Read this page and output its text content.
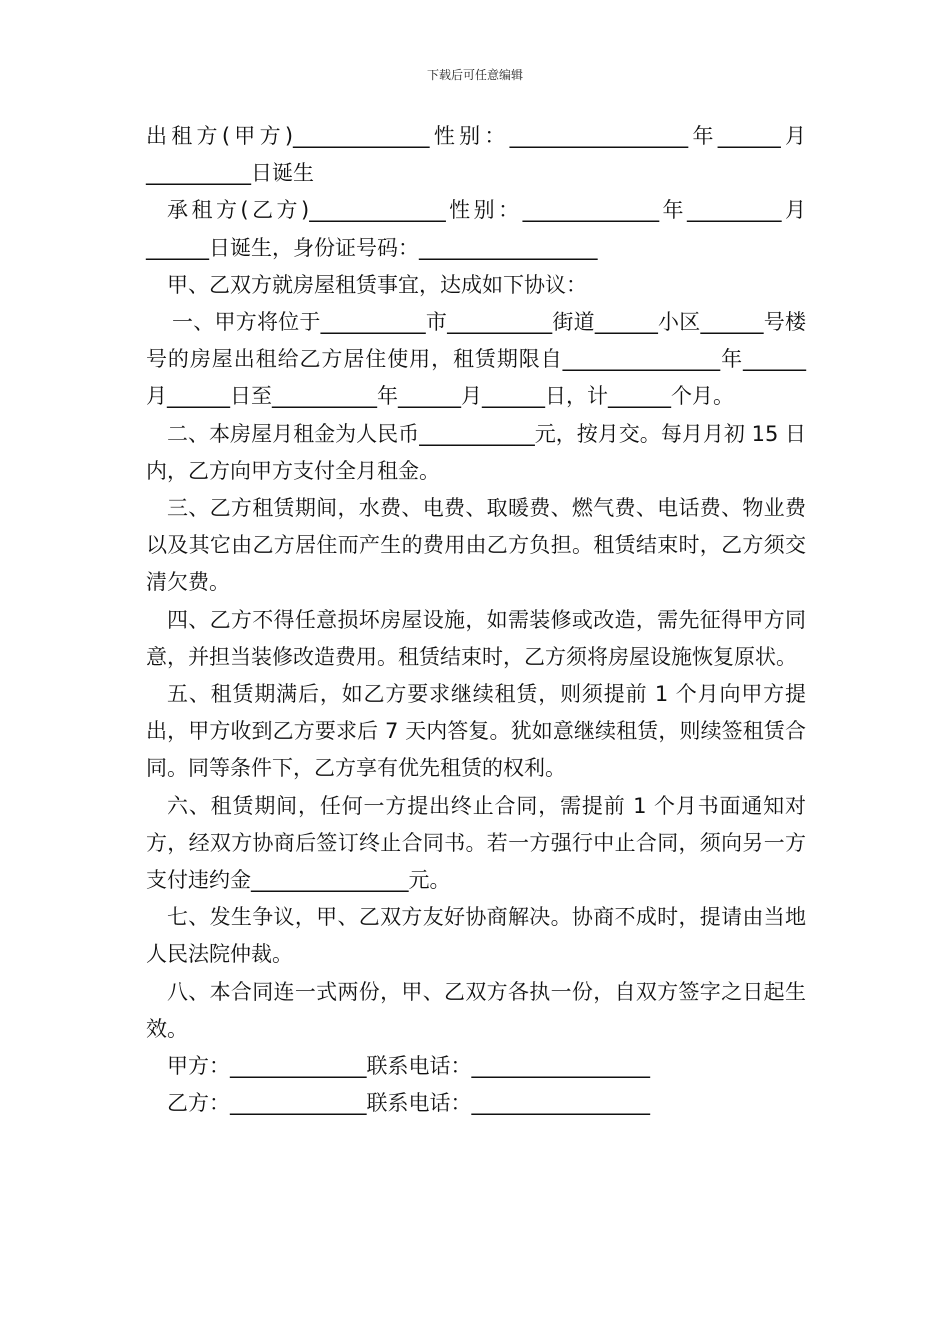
下载后可任意编辑

出租方(甲方)_____________性别：_________________年______月__________日诞生

承租方(乙方)_____________性别：_____________年_________月______日诞生，身份证号码：_________________

甲、乙双方就房屋租赁事宜，达成如下协议：

一、甲方将位于__________市__________街道______小区______号楼号的房屋出租给乙方居住使用，租赁期限自_______________年______月______日至__________年______月______日，计______个月。

二、本房屋月租金为人民币___________元，按月交。每月月初 15 日内，乙方向甲方支付全月租金。

三、乙方租赁期间，水费、电费、取暖费、燃气费、电话费、物业费以及其它由乙方居住而产生的费用由乙方负担。租赁结束时，乙方须交清欠费。

四、乙方不得任意损坏房屋设施，如需装修或改造，需先征得甲方同意，并担当装修改造费用。租赁结束时，乙方须将房屋设施恢复原状。

五、租赁期满后，如乙方要求继续租赁，则须提前 1 个月向甲方提出，甲方收到乙方要求后 7 天内答复。犹如意继续租赁，则续签租赁合同。同等条件下，乙方享有优先租赁的权利。

六、租赁期间，任何一方提出终止合同，需提前 1 个月书面通知对方，经双方协商后签订终止合同书。若一方强行中止合同，须向另一方支付违约金_______________元。

七、发生争议，甲、乙双方友好协商解决。协商不成时，提请由当地人民法院仲裁。

八、本合同连一式两份，甲、乙双方各执一份，自双方签字之日起生效。

甲方：_____________联系电话：_________________

乙方：_____________联系电话：_________________
